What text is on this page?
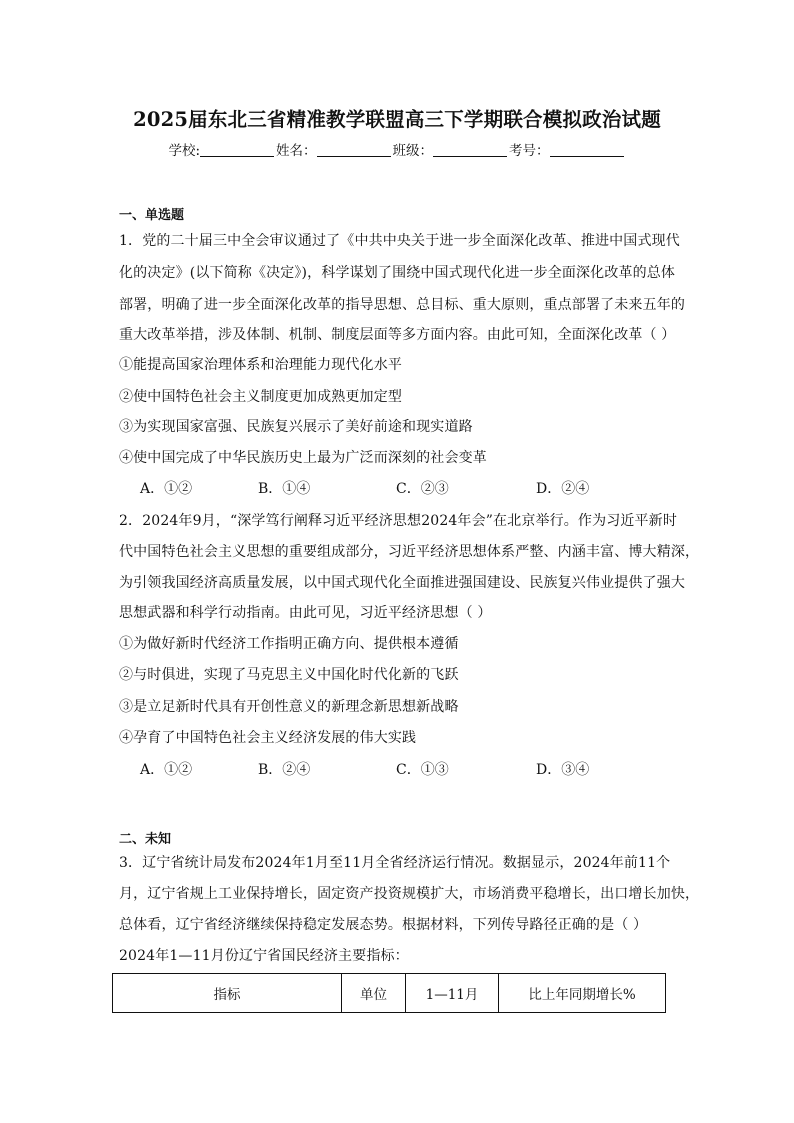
2025届东北三省精准教学联盟高三下学期联合模拟政治试题
学校:	姓名：	班级：	考号：
一、单选题
1．党的二十届三中全会审议通过了《中共中央关于进一步全面深化改革、推进中国式现代
化的决定》(以下简称《决定》)，科学谋划了围绕中国式现代化进一步全面深化改革的总体
部署，明确了进一步全面深化改革的指导思想、总目标、重大原则，重点部署了未来五年的
重大改革举措，涉及体制、机制、制度层面等多方面内容。由此可知，全面深化改革（ ）
①能提高国家治理体系和治理能力现代化水平
②使中国特色社会主义制度更加成熟更加定型
③为实现国家富强、民族复兴展示了美好前途和现实道路
④使中国完成了中华民族历史上最为广泛而深刻的社会变革
A．①②	B．①④	C．②③	D．②④
2．2024年9月，“深学笃行阐释习近平经济思想2024年会”在北京举行。作为习近平新时
代中国特色社会主义思想的重要组成部分，习近平经济思想体系严整、内涵丰富、博大精深，
为引领我国经济高质量发展，以中国式现代化全面推进强国建设、民族复兴伟业提供了强大
思想武器和科学行动指南。由此可见，习近平经济思想（ ）
①为做好新时代经济工作指明正确方向、提供根本遵循
②与时俱进，实现了马克思主义中国化时代化新的飞跃
③是立足新时代具有开创性意义的新理念新思想新战略
④孕育了中国特色社会主义经济发展的伟大实践
A．①②	B．②④	C．①③	D．③④
二、未知
3．辽宁省统计局发布2024年1月至11月全省经济运行情况。数据显示，2024年前11个
月，辽宁省规上工业保持增长，固定资产投资规模扩大，市场消费平稳增长，出口增长加快，
总体看，辽宁省经济继续保持稳定发展态势。根据材料，下列传导路径正确的是（ ）
2024年1—11月份辽宁省国民经济主要指标：
指标	单位	1—11月	比上年同期增长%
